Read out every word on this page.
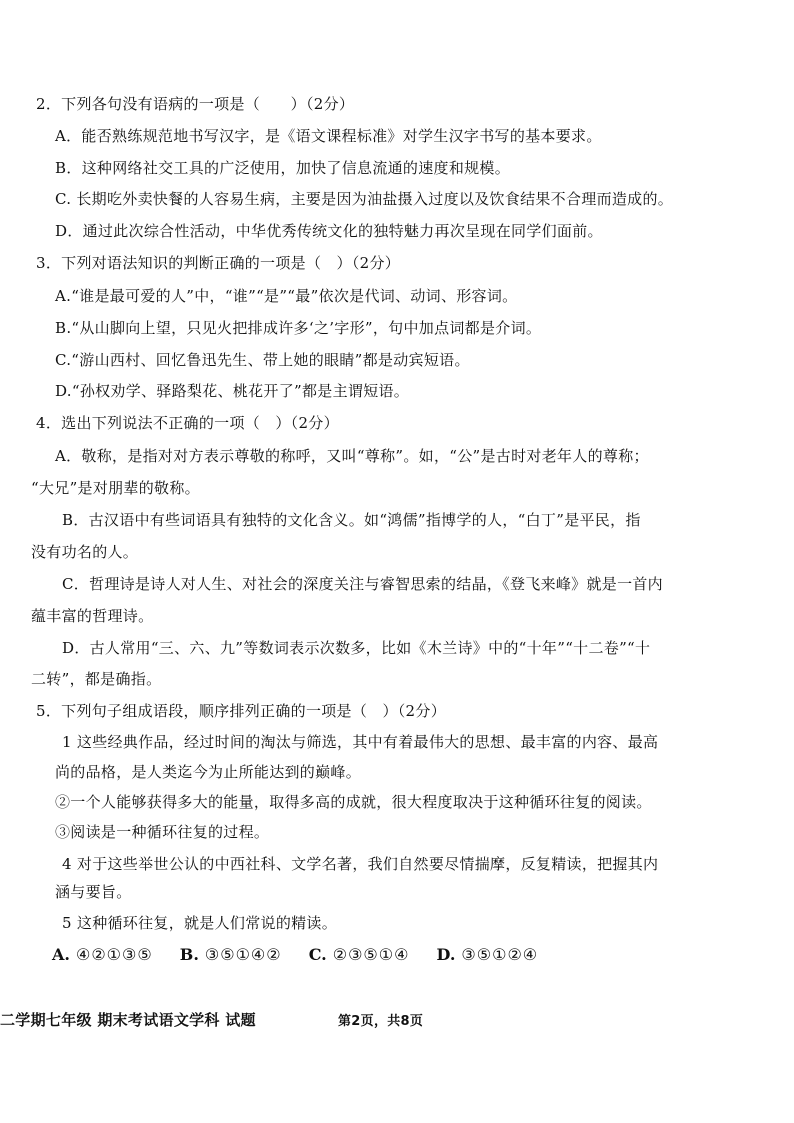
2．下列各句没有语病的一项是（　　）（2分）

A．能否熟练规范地书写汉字，是《语文课程标准》对学生汉字书写的基本要求。

B．这种网络社交工具的广泛使用，加快了信息流通的速度和规模。

C. 长期吃外卖快餐的人容易生病，主要是因为油盐摄入过度以及饮食结果不合理而造成的。

D．通过此次综合性活动，中华优秀传统文化的独特魅力再次呈现在同学们面前。

3．下列对语法知识的判断正确的一项是（　）（2分）

A.“谁是最可爱的人”中，“谁”“是”“最”依次是代词、动词、形容词。

B.“从山脚向上望，只见火把排成许多‘之’字形”，句中加点词都是介词。

C.“游山西村、回忆鲁迅先生、带上她的眼睛”都是动宾短语。

D.“孙权劝学、驿路梨花、桃花开了”都是主谓短语。

4．选出下列说法不正确的一项（　）（2分）

A．敬称，是指对对方表示尊敬的称呼，又叫“尊称”。如，“公”是古时对老年人的尊称；

“大兄”是对朋辈的敬称。

B．古汉语中有些词语具有独特的文化含义。如“鸿儒”指博学的人，“白丁”是平民，指

没有功名的人。

C．哲理诗是诗人对人生、对社会的深度关注与睿智思索的结晶，《登飞来峰》就是一首内

蕴丰富的哲理诗。

D．古人常用“三、六、九”等数词表示次数多，比如《木兰诗》中的“十年”“十二卷”“十

二转”，都是确指。

5．下列句子组成语段，顺序排列正确的一项是（　）（2分）

1 这些经典作品，经过时间的淘汰与筛选，其中有着最伟大的思想、最丰富的内容、最高

尚的品格，是人类迄今为止所能达到的巅峰。

②一个人能够获得多大的能量，取得多高的成就，很大程度取决于这种循环往复的阅读。

③阅读是一种循环往复的过程。

4 对于这些举世公认的中西社科、文学名著，我们自然要尽情揣摩，反复精读，把握其内

涵与要旨。

5 这种循环往复，就是人们常说的精读。

A. ④②①③⑤ B. ③⑤①④② C. ②③⑤①④ D. ③⑤①②④

二学期七年级 期末考试语文学科 试题	第2页，共8页
